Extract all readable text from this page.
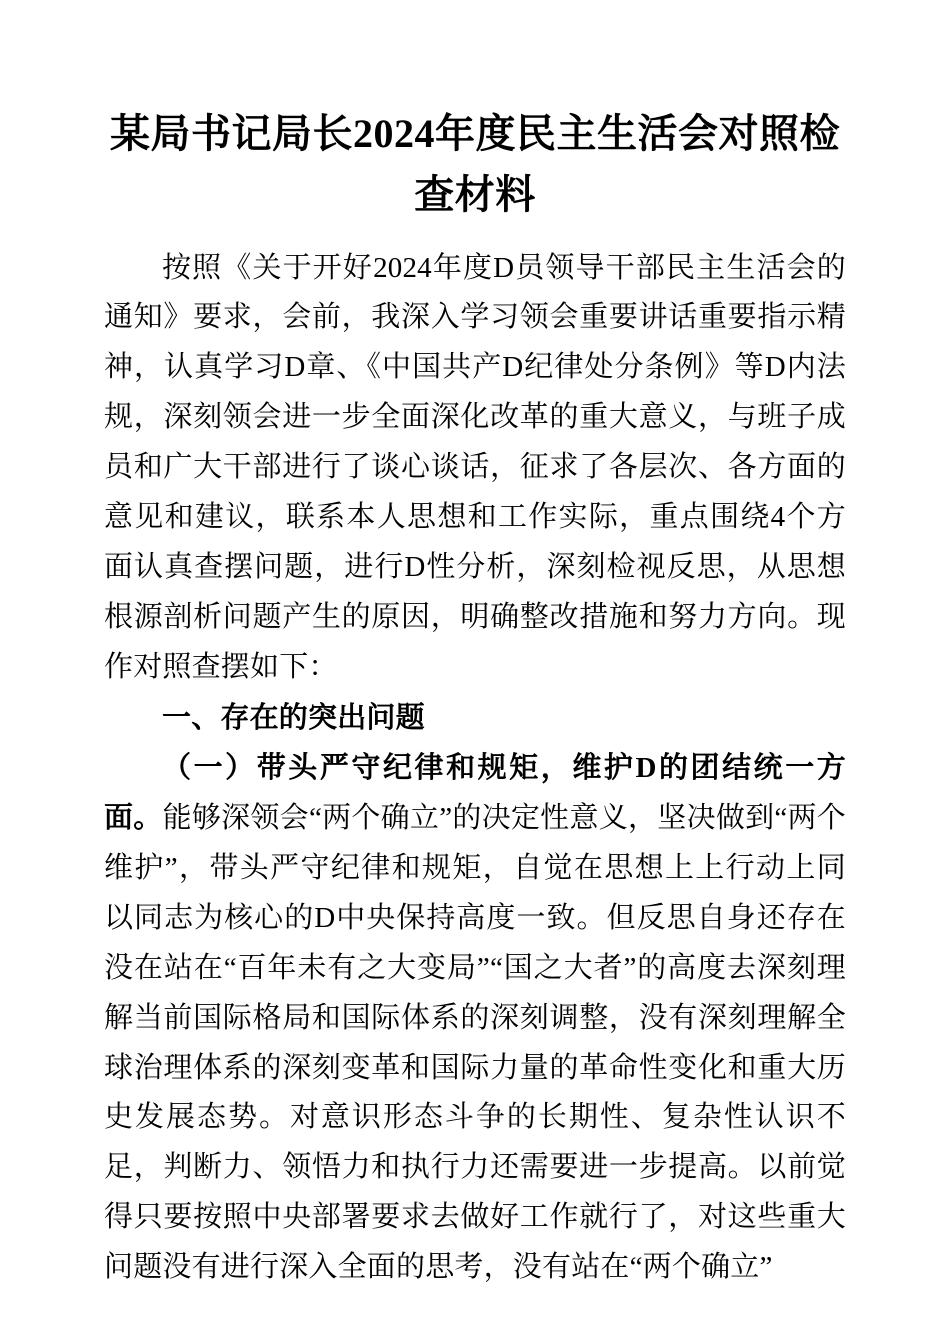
某局书记局长2024年度民主生活会对照检查材料

按照《关于开好2024年度D员领导干部民主生活会的通知》要求，会前，我深入学习领会重要讲话重要指示精神，认真学习D章、《中国共产D纪律处分条例》等D内法规，深刻领会进一步全面深化改革的重大意义，与班子成员和广大干部进行了谈心谈话，征求了各层次、各方面的意见和建议，联系本人思想和工作实际，重点围绕4个方面认真查摆问题，进行D性分析，深刻检视反思，从思想根源剖析问题产生的原因，明确整改措施和努力方向。现作对照查摆如下：

一、存在的突出问题

（一）带头严守纪律和规矩，维护D的团结统一方面。能够深领会“两个确立”的决定性意义，坚决做到“两个维护”，带头严守纪律和规矩，自觉在思想上上行动上同以同志为核心的D中央保持高度一致。但反思自身还存在没在站在“百年未有之大变局”“国之大者”的高度去深刻理解当前国际格局和国际体系的深刻调整，没有深刻理解全球治理体系的深刻变革和国际力量的革命性变化和重大历史发展态势。对意识形态斗争的长期性、复杂性认识不足，判断力、领悟力和执行力还需要进一步提高。以前觉得只要按照中央部署要求去做好工作就行了，对这些重大问题没有进行深入全面的思考，没有站在“两个确立”
